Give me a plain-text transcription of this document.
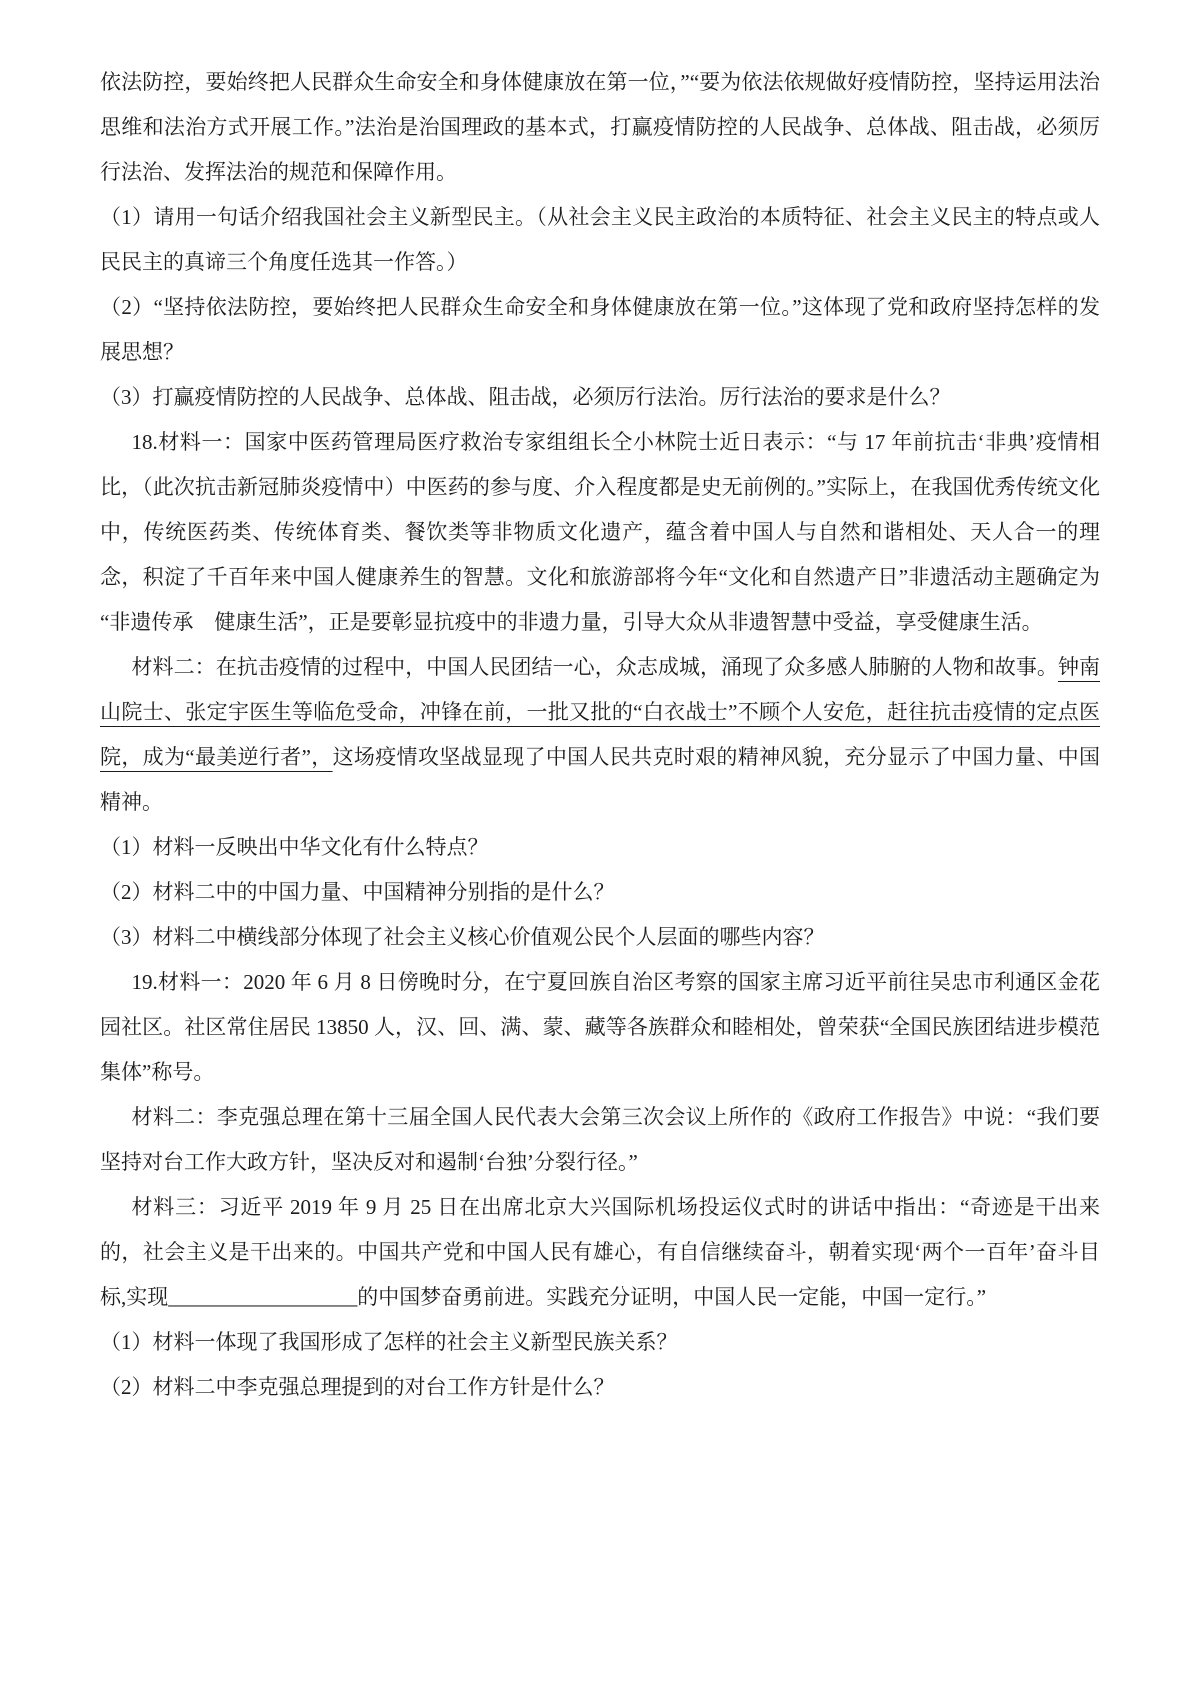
依法防控，要始终把人民群众生命安全和身体健康放在第一位，”“要为依法依规做好疫情防控，坚持运用法治思维和法治方式开展工作。”法治是治国理政的基本式，打赢疫情防控的人民战争、总体战、阻击战，必须厉行法治、发挥法治的规范和保障作用。

（1）请用一句话介绍我国社会主义新型民主。（从社会主义民主政治的本质特征、社会主义民主的特点或人民民主的真谛三个角度任选其一作答。）

（2）“坚持依法防控，要始终把人民群众生命安全和身体健康放在第一位。”这体现了党和政府坚持怎样的发展思想？

（3）打赢疫情防控的人民战争、总体战、阻击战，必须厉行法治。厉行法治的要求是什么？

18.材料一：国家中医药管理局医疗救治专家组组长仝小林院士近日表示：“与 17 年前抗击‘非典’疫情相比，（此次抗击新冠肺炎疫情中）中医药的参与度、介入程度都是史无前例的。”实际上，在我国优秀传统文化中，传统医药类、传统体育类、餐饮类等非物质文化遗产，蕴含着中国人与自然和谐相处、天人合一的理念，积淀了千百年来中国人健康养生的智慧。文化和旅游部将今年“文化和自然遗产日”非遗活动主题确定为“非遗传承　健康生活”，正是要彰显抗疫中的非遗力量，引导大众从非遗智慧中受益，享受健康生活。

材料二：在抗击疫情的过程中，中国人民团结一心，众志成城，涌现了众多感人肺腑的人物和故事。钟南山院士、张定宇医生等临危受命，冲锋在前，一批又批的“白衣战士”不顾个人安危，赶往抗击疫情的定点医院，成为“最美逆行者”，这场疫情攻坚战显现了中国人民共克时艰的精神风貌，充分显示了中国力量、中国精神。

（1）材料一反映出中华文化有什么特点？

（2）材料二中的中国力量、中国精神分别指的是什么？

（3）材料二中横线部分体现了社会主义核心价值观公民个人层面的哪些内容？

19.材料一：2020 年 6 月 8 日傍晚时分，在宁夏回族自治区考察的国家主席习近平前往吴忠市利通区金花园社区。社区常住居民 13850 人，汉、回、满、蒙、藏等各族群众和睦相处，曾荣获“全国民族团结进步模范集体”称号。

材料二：李克强总理在第十三届全国人民代表大会第三次会议上所作的《政府工作报告》中说：“我们要坚持对台工作大政方针，坚决反对和遏制‘台独’分裂行径。”

材料三：习近平 2019 年 9 月 25 日在出席北京大兴国际机场投运仪式时的讲话中指出：“奇迹是干出来的，社会主义是干出来的。中国共产党和中国人民有雄心，有自信继续奋斗，朝着实现‘两个一百年’奋斗目标,实现__________________的中国梦奋勇前进。实践充分证明，中国人民一定能，中国一定行。”

（1）材料一体现了我国形成了怎样的社会主义新型民族关系？

（2）材料二中李克强总理提到的对台工作方针是什么？
